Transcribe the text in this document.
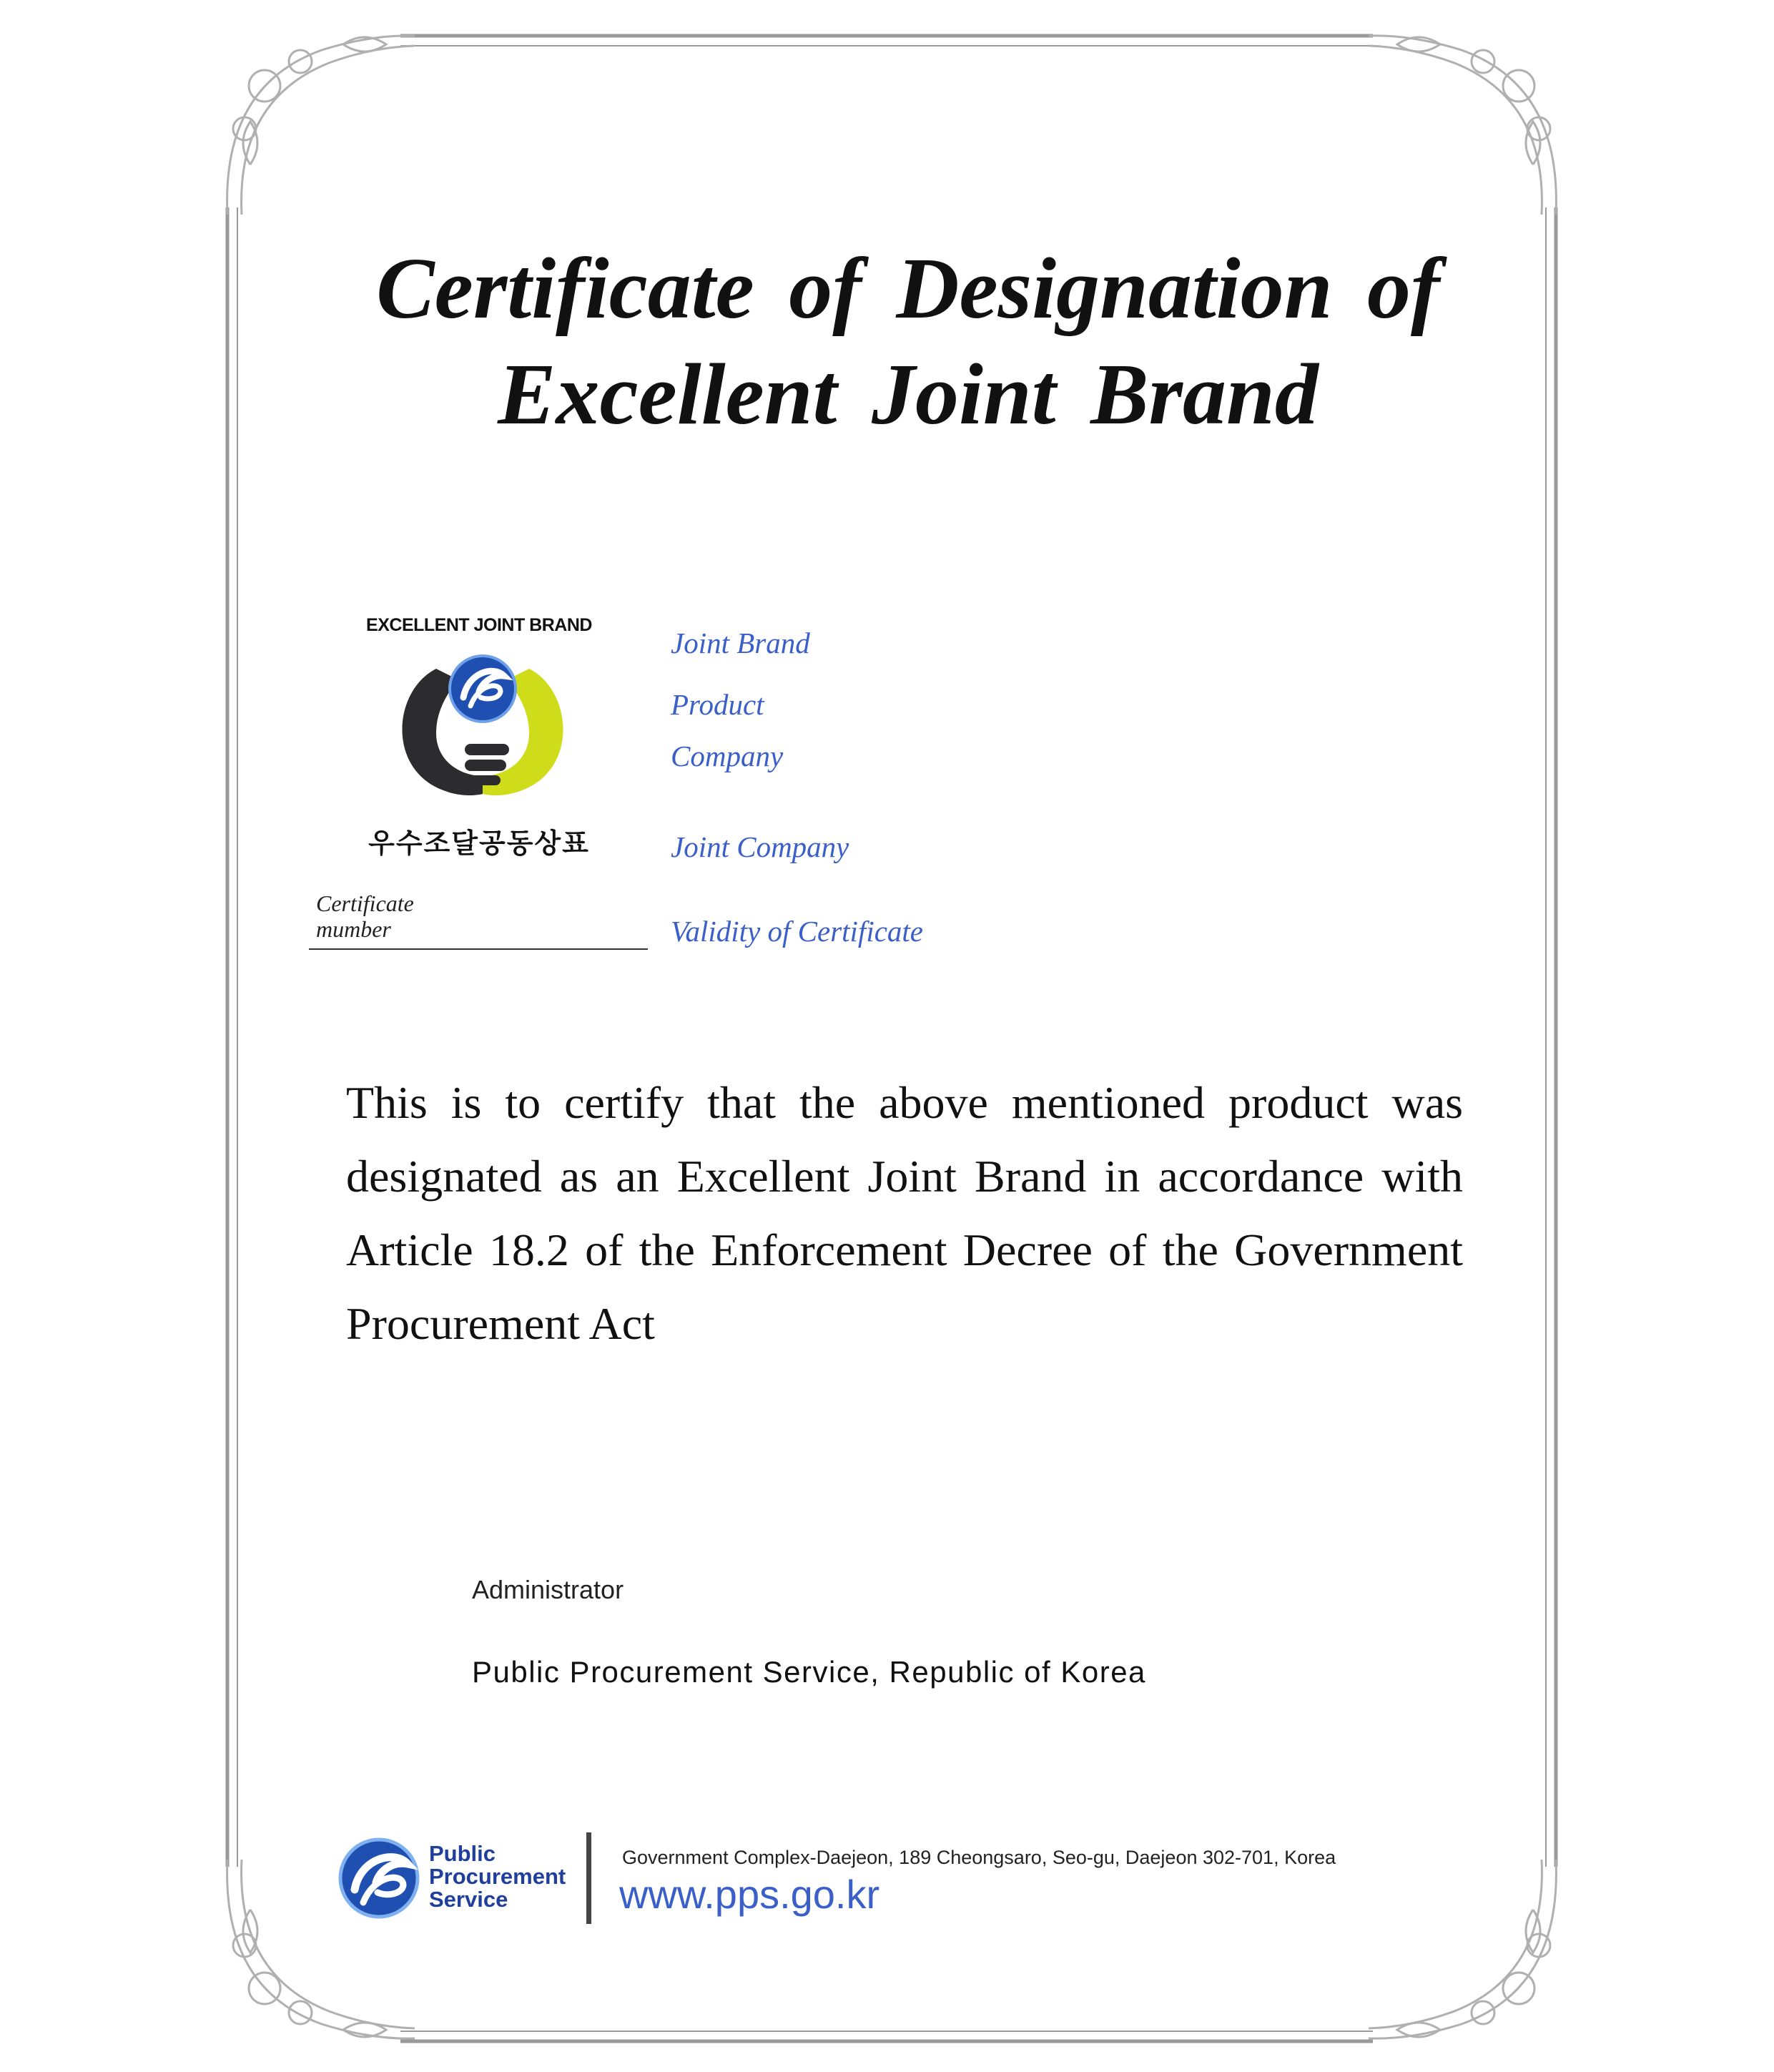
Certificate of Designation of
Excellent Joint Brand
EXCELLENT JOINT BRAND
우수조달공동상표
Certificate
mumber
Joint Brand
Product
Company
Joint Company
Validity of Certificate
This is to certify that the above mentioned product was designated as an Excellent Joint Brand in accordance with Article 18.2 of the Enforcement Decree of the Government Procurement Act
Administrator
Public Procurement Service, Republic of Korea
Public
Procurement
Service
Government Complex-Daejeon, 189 Cheongsaro, Seo-gu, Daejeon 302-701, Korea
www.pps.go.kr
